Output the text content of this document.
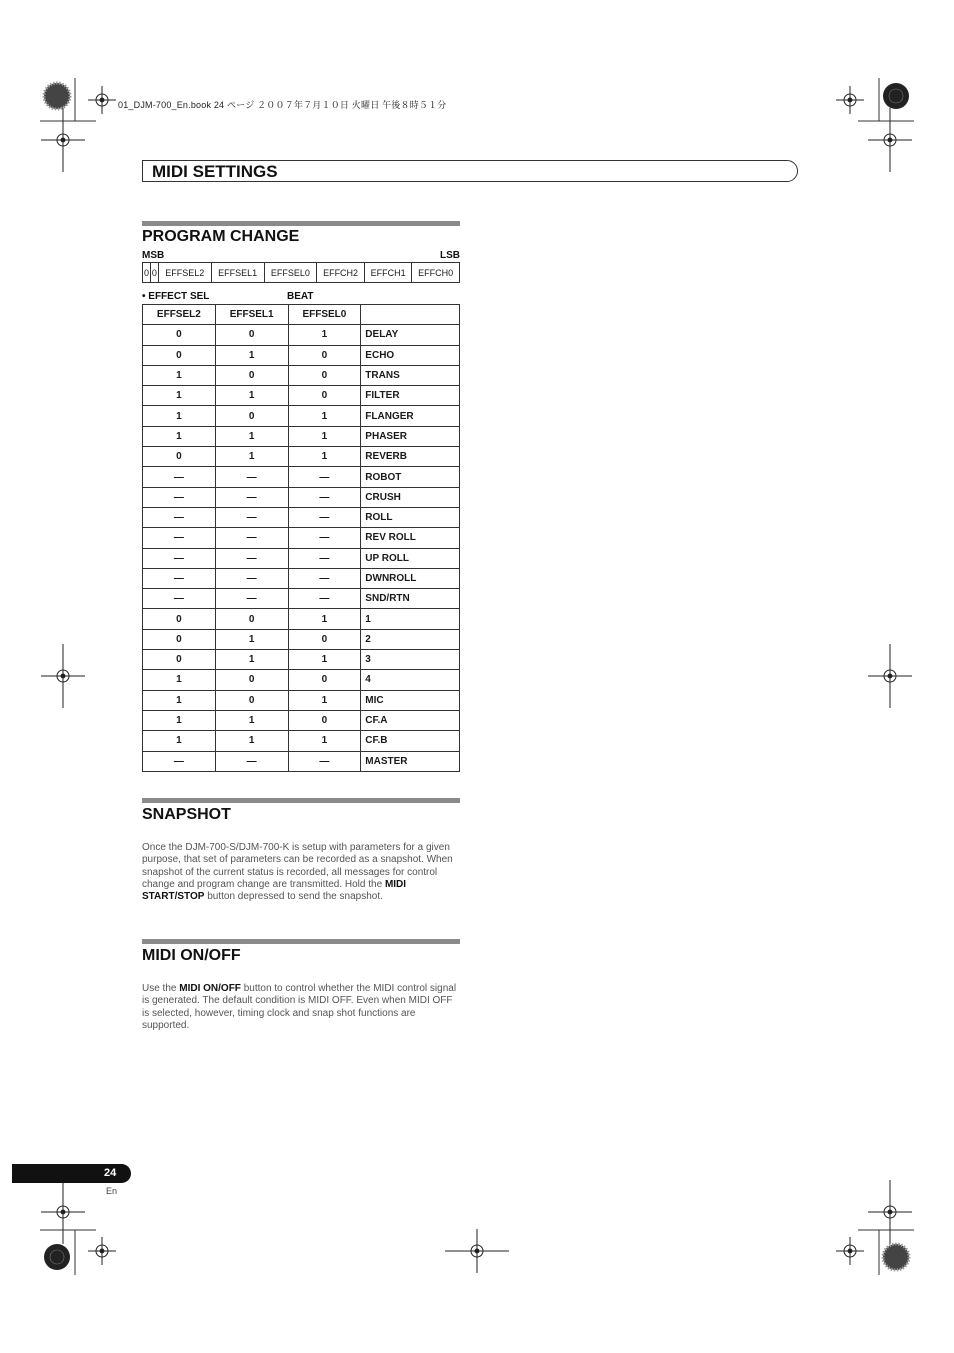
01_DJM-700_En.book 24 ページ ２００７年７月１０日 火曜日 午後８時５１分
MIDI SETTINGS
PROGRAM CHANGE
MSB	LSB
0	0	EFFSEL2	EFFSEL1	EFFSEL0	EFFCH2	EFFCH1	EFFCH0
• EFFECT SEL	BEAT
EFFSEL2	EFFSEL1	EFFSEL0	
0	0	1	DELAY
0	1	0	ECHO
1	0	0	TRANS
1	1	0	FILTER
1	0	1	FLANGER
1	1	1	PHASER
0	1	1	REVERB
—	—	—	ROBOT
—	—	—	CRUSH
—	—	—	ROLL
—	—	—	REV ROLL
—	—	—	UP ROLL
—	—	—	DWNROLL
—	—	—	SND/RTN
0	0	1	1
0	1	0	2
0	1	1	3
1	0	0	4
1	0	1	MIC
1	1	0	CF.A
1	1	1	CF.B
—	—	—	MASTER
SNAPSHOT
Once the DJM-700-S/DJM-700-K is setup with parameters for a given purpose, that set of parameters can be recorded as a snapshot. When snapshot of the current status is recorded, all messages for control change and program change are transmitted. Hold the MIDI START/STOP button depressed to send the snapshot.
MIDI ON/OFF
Use the MIDI ON/OFF button to control whether the MIDI control signal is generated. The default condition is MIDI OFF. Even when MIDI OFF is selected, however, timing clock and snap shot functions are supported.
24
En
